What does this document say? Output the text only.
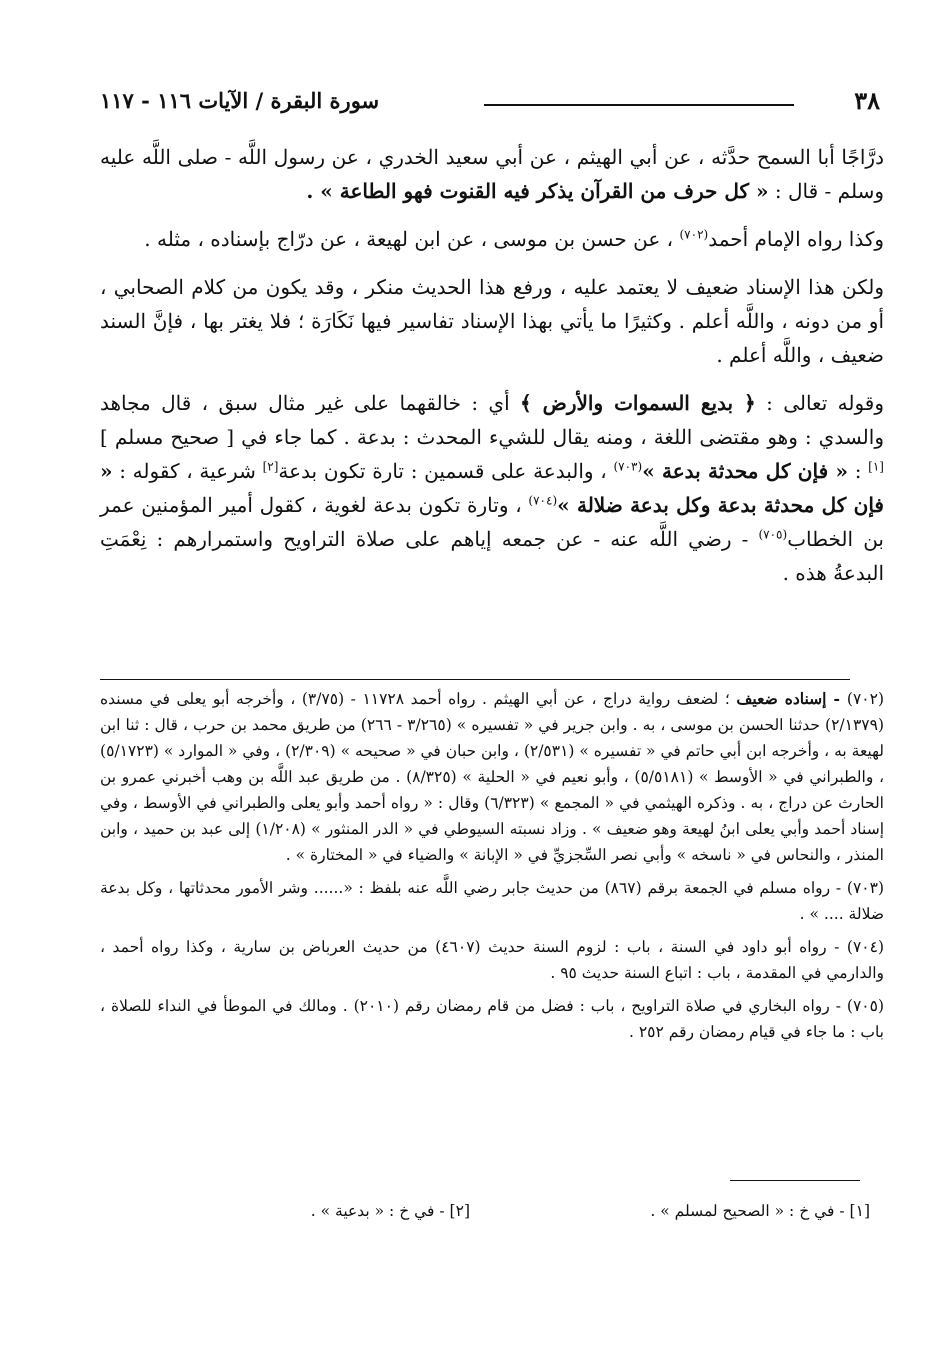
٣٨
سورة البقرة / الآيات ١١٦ - ١١٧

درَّاجًا أبا السمح حدَّثه ، عن أبي الهيثم ، عن أبي سعيد الخدري ، عن رسول اللَّه - صلى اللَّه عليه وسلم - قال : « كل حرف من القرآن يذكر فيه القنوت فهو الطاعة » .

وكذا رواه الإمام أحمد$^{(٧٠٢)}$ ، عن حسن بن موسى ، عن ابن لهيعة ، عن درّاج بإسناده ، مثله .

ولكن هذا الإسناد ضعيف لا يعتمد عليه ، ورفع هذا الحديث منكر ، وقد يكون من كلام الصحابي ، أو من دونه ، واللَّه أعلم . وكثيرًا ما يأتي بهذا الإسناد تفاسير فيها نَكَارَة ؛ فلا يغتر بها ، فإنَّ السند ضعيف ، واللَّه أعلم .

وقوله تعالى : ﴿ بديع السموات والأرض ﴾ أي : خالقهما على غير مثال سبق ، قال مجاهد والسدي : وهو مقتضى اللغة ، ومنه يقال للشيء المحدث : بدعة . كما جاء في [ صحيح مسلم ][١] : « فإن كل محدثة بدعة »$^{(٧٠٣)}$ ، والبدعة على قسمين : تارة تكون بدعة[٢] شرعية ، كقوله : « فإن كل محدثة بدعة وكل بدعة ضلالة »$^{(٧٠٤)}$ ، وتارة تكون بدعة لغوية ، كقول أمير المؤمنين عمر بن الخطاب$^{(٧٠٥)}$ - رضي اللَّه عنه - عن جمعه إياهم على صلاة التراويح واستمرارهم : نِعْمَتِ البدعةُ هذه .

(٧٠٢) - إسناده ضعيف ؛ لضعف رواية دراج ، عن أبي الهيثم . رواه أحمد ١١٧٢٨ - (٣/٧٥) ، وأخرجه أبو يعلى في مسنده (٢/١٣٧٩) حدثنا الحسن بن موسى ، به . وابن جرير في « تفسيره » (٣/٢٦٥ - ٢٦٦) من طريق محمد بن حرب ، قال : ثنا ابن لهيعة به ، وأخرجه ابن أبي حاتم في « تفسيره » (٢/٥٣١) ، وابن حبان في « صحيحه » (٢/٣٠٩) ، وفي « الموارد » (٥/١٧٢٣) ، والطبراني في « الأوسط » (٥/٥١٨١) ، وأبو نعيم في « الحلية » (٨/٣٢٥) . من طريق عبد اللَّه بن وهب أخبرني عمرو بن الحارث عن دراج ، به . وذكره الهيثمي في « المجمع » (٦/٣٢٣) وقال : « رواه أحمد وأبو يعلى والطبراني في الأوسط ، وفي إسناد أحمد وأبي يعلى ابنُ لهيعة وهو ضعيف » . وزاد نسبته السيوطي في « الدر المنثور » (١/٢٠٨) إلى عبد بن حميد ، وابن المنذر ، والنحاس في « ناسخه » وأبي نصر السِّجزيِّ في « الإبانة » والضياء في « المختارة » .

(٧٠٣) - رواه مسلم في الجمعة برقم (٨٦٧) من حديث جابر رضي اللَّه عنه بلفظ : «...... وشر الأمور محدثاتها ، وكل بدعة ضلالة .... » .

(٧٠٤) - رواه أبو داود في السنة ، باب : لزوم السنة حديث (٤٦٠٧) من حديث العرباض بن سارية ، وكذا رواه أحمد ، والدارمي في المقدمة ، باب : اتباع السنة حديث ٩٥ .

(٧٠٥) - رواه البخاري في صلاة التراويح ، باب : فضل من قام رمضان رقم (٢٠١٠) . ومالك في الموطأ في النداء للصلاة ، باب : ما جاء في قيام رمضان رقم ٢٥٢ .

[١] - في خ : « الصحيح لمسلم » .
[٢] - في خ : « بدعية » .
